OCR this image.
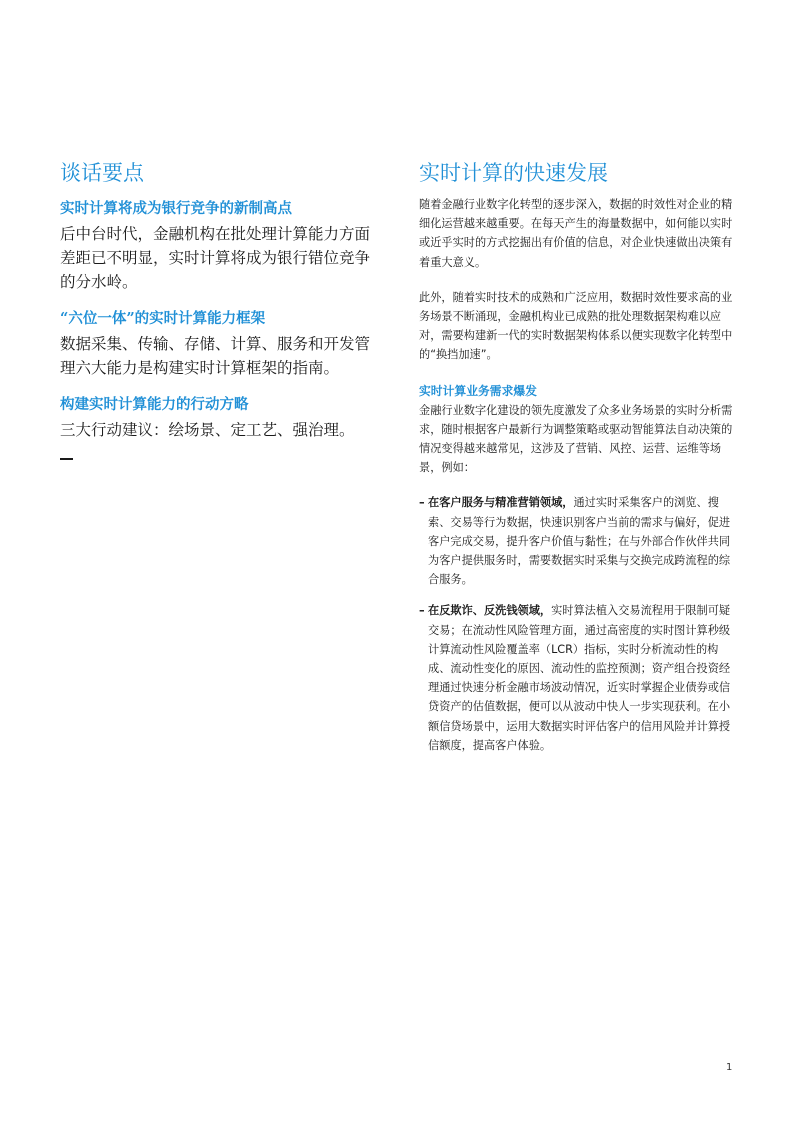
谈话要点
实时计算将成为银行竞争的新制高点

后中台时代，金融机构在批处理计算能力方面差距已不明显，实时计算将成为银行错位竞争的分水岭。

“六位一体”的实时计算能力框架

数据采集、传输、存储、计算、服务和开发管理六大能力是构建实时计算框架的指南。

构建实时计算能力的行动方略

三大行动建议：绘场景、定工艺、强治理。

实时计算的快速发展

随着金融行业数字化转型的逐步深入，数据的时效性对企业的精细化运营越来越重要。在每天产生的海量数据中，如何能以实时或近乎实时的方式挖掘出有价值的信息，对企业快速做出决策有着重大意义。

此外，随着实时技术的成熟和广泛应用，数据时效性要求高的业务场景不断涌现，金融机构业已成熟的批处理数据架构难以应对，需要构建新一代的实时数据架构体系以便实现数字化转型中的“换挡加速”。

实时计算业务需求爆发

金融行业数字化建设的领先度激发了众多业务场景的实时分析需求，随时根据客户最新行为调整策略或驱动智能算法自动决策的情况变得越来越常见，这涉及了营销、风控、运营、运维等场景，例如：

– 在客户服务与精准营销领域，通过实时采集客户的浏览、搜索、交易等行为数据，快速识别客户当前的需求与偏好，促进客户完成交易，提升客户价值与黏性；在与外部合作伙伴共同为客户提供服务时，需要数据实时采集与交换完成跨流程的综合服务。
– 在反欺诈、反洗钱领域，实时算法植入交易流程用于限制可疑交易；在流动性风险管理方面，通过高密度的实时图计算秒级计算流动性风险覆盖率（LCR）指标，实时分析流动性的构成、流动性变化的原因、流动性的监控预测；资产组合投资经理通过快速分析金融市场波动情况，近实时掌握企业债券或信贷资产的估值数据，便可以从波动中快人一步实现获利。在小额信贷场景中，运用大数据实时评估客户的信用风险并计算授信额度，提高客户体验。
1
